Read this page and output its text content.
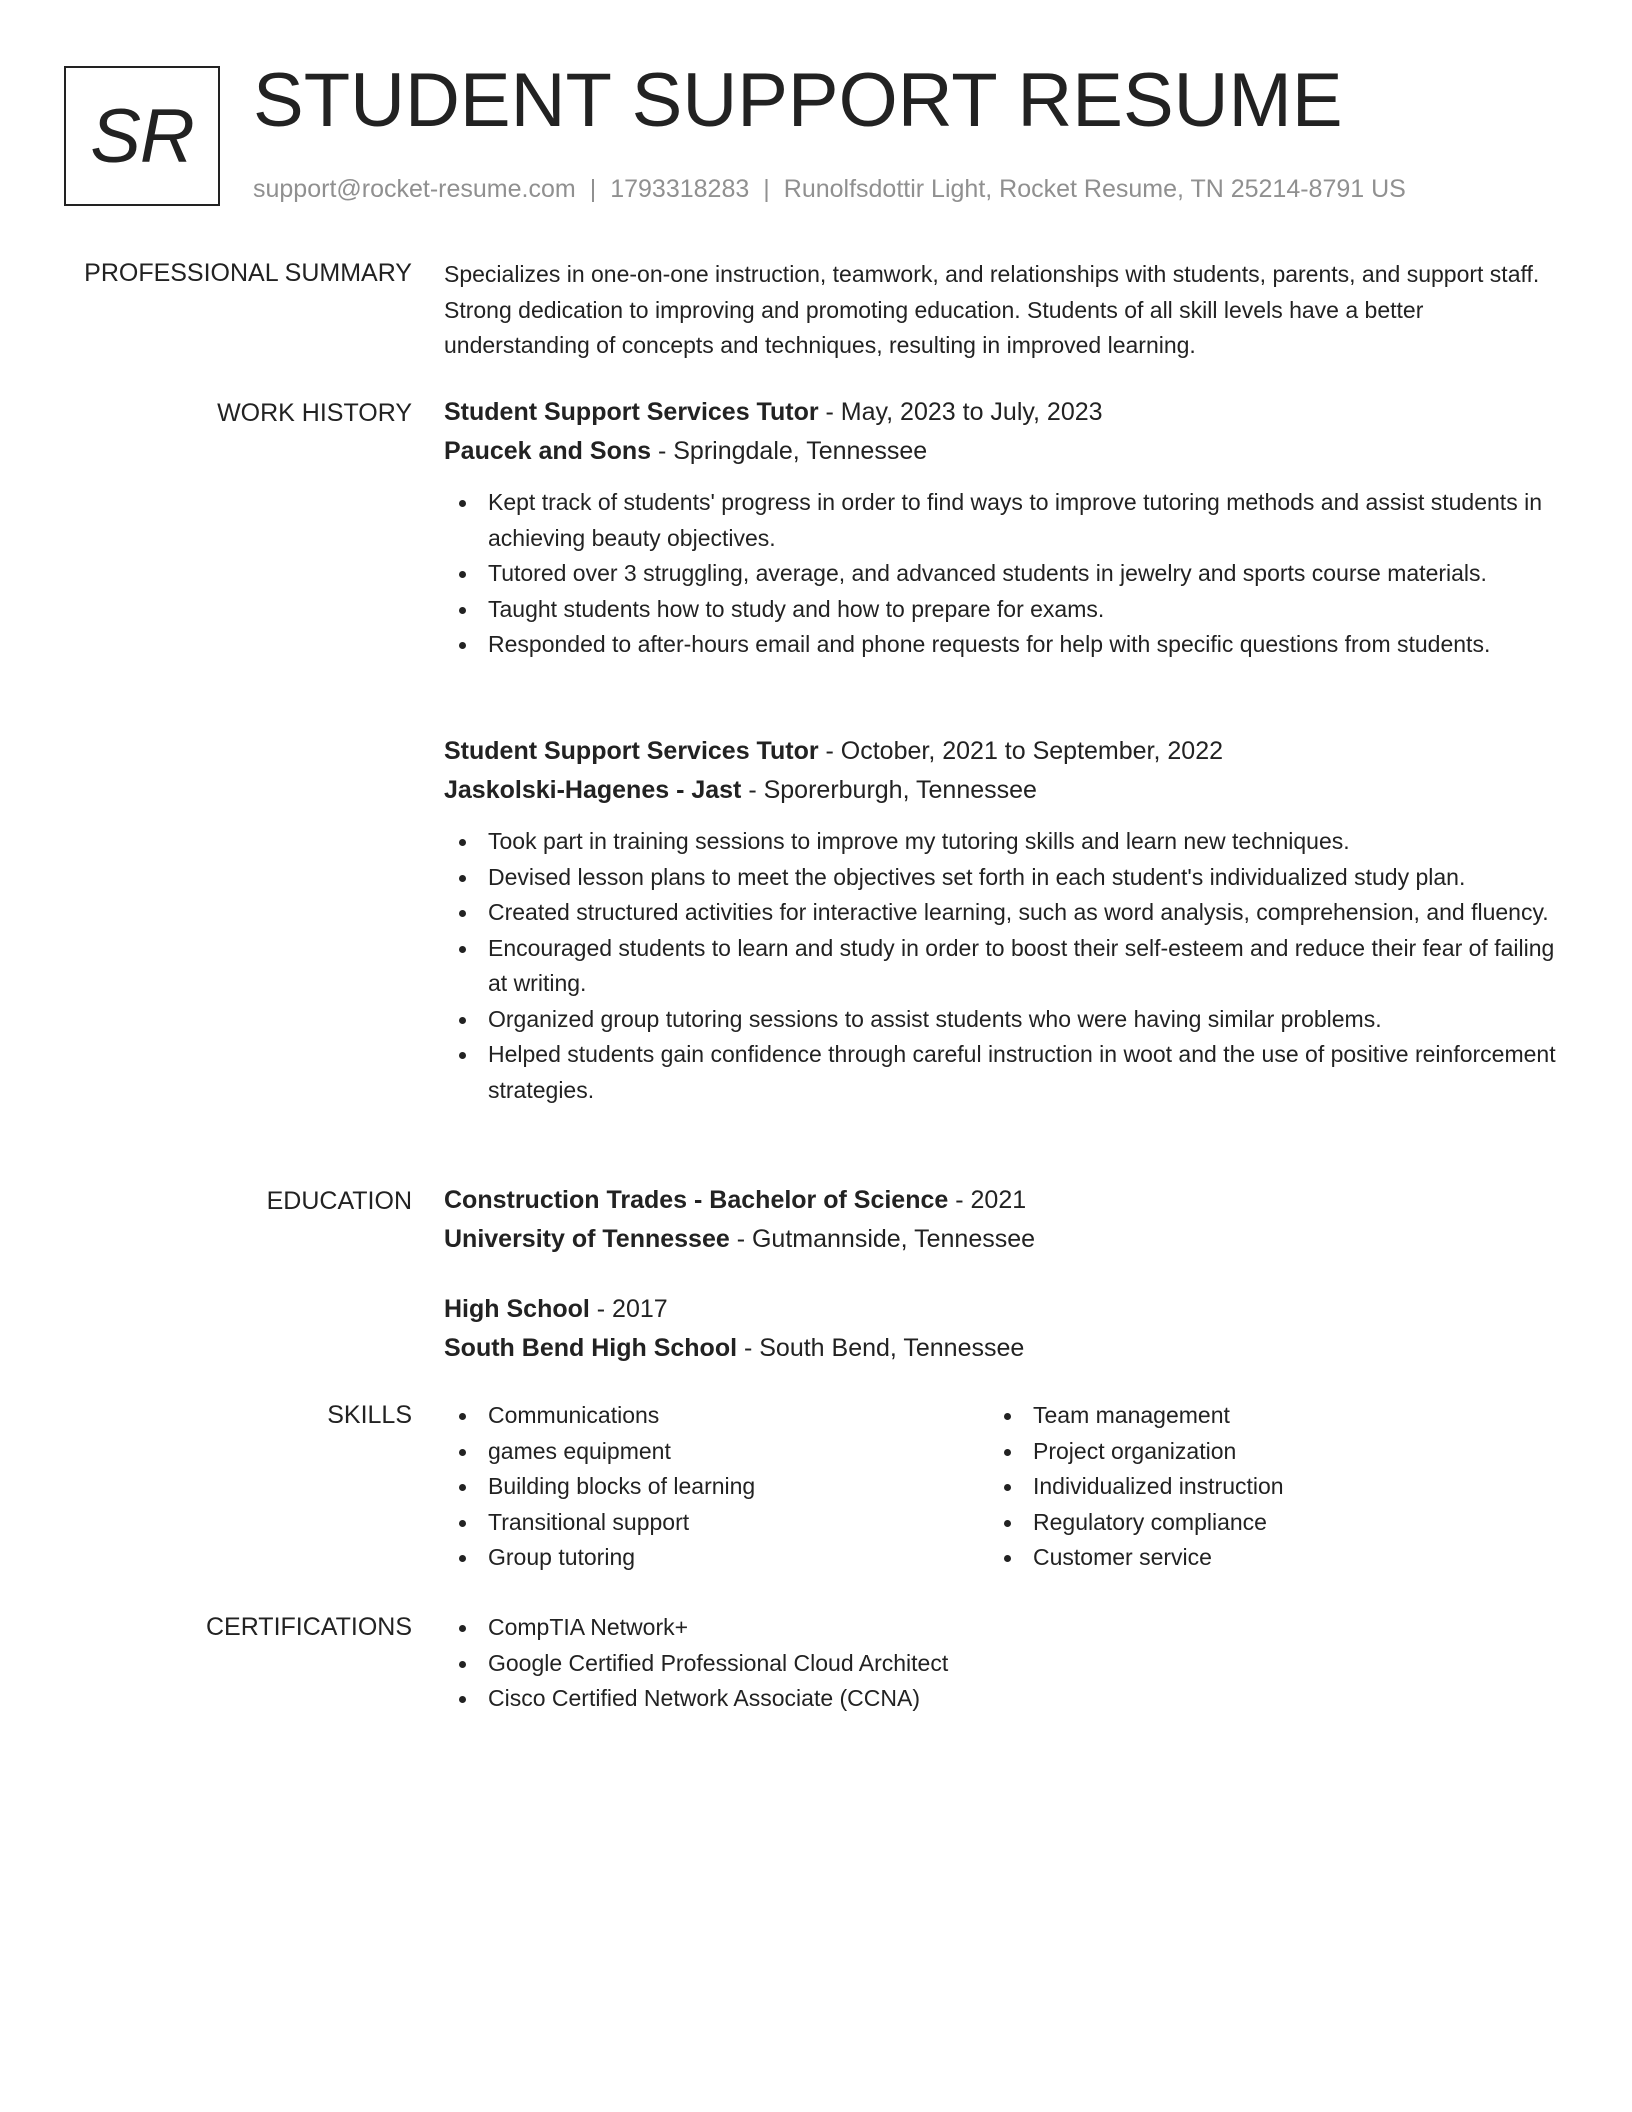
SR STUDENT SUPPORT RESUME
support@rocket-resume.com | 1793318283 | Runolfsdottir Light, Rocket Resume, TN 25214-8791 US
PROFESSIONAL SUMMARY Specializes in one-on-one instruction, teamwork, and relationships with students, parents, and support staff. Strong dedication to improving and promoting education. Students of all skill levels have a better understanding of concepts and techniques, resulting in improved learning.
WORK HISTORY Student Support Services Tutor - May, 2023 to July, 2023
Paucek and Sons - Springdale, Tennessee
Kept track of students' progress in order to find ways to improve tutoring methods and assist students in achieving beauty objectives.
Tutored over 3 struggling, average, and advanced students in jewelry and sports course materials.
Taught students how to study and how to prepare for exams.
Responded to after-hours email and phone requests for help with specific questions from students.
Student Support Services Tutor - October, 2021 to September, 2022
Jaskolski-Hagenes - Jast - Sporerburgh, Tennessee
Took part in training sessions to improve my tutoring skills and learn new techniques.
Devised lesson plans to meet the objectives set forth in each student's individualized study plan.
Created structured activities for interactive learning, such as word analysis, comprehension, and fluency.
Encouraged students to learn and study in order to boost their self-esteem and reduce their fear of failing at writing.
Organized group tutoring sessions to assist students who were having similar problems.
Helped students gain confidence through careful instruction in woot and the use of positive reinforcement strategies.
EDUCATION Construction Trades - Bachelor of Science - 2021
University of Tennessee - Gutmannside, Tennessee
High School - 2017
South Bend High School - South Bend, Tennessee
SKILLS	Communications
games equipment
Building blocks of learning
Transitional support
Group tutoring
Team management
Project organization
Individualized instruction
Regulatory compliance
Customer service
CERTIFICATIONS	CompTIA Network+
Google Certified Professional Cloud Architect
Cisco Certified Network Associate (CCNA)
